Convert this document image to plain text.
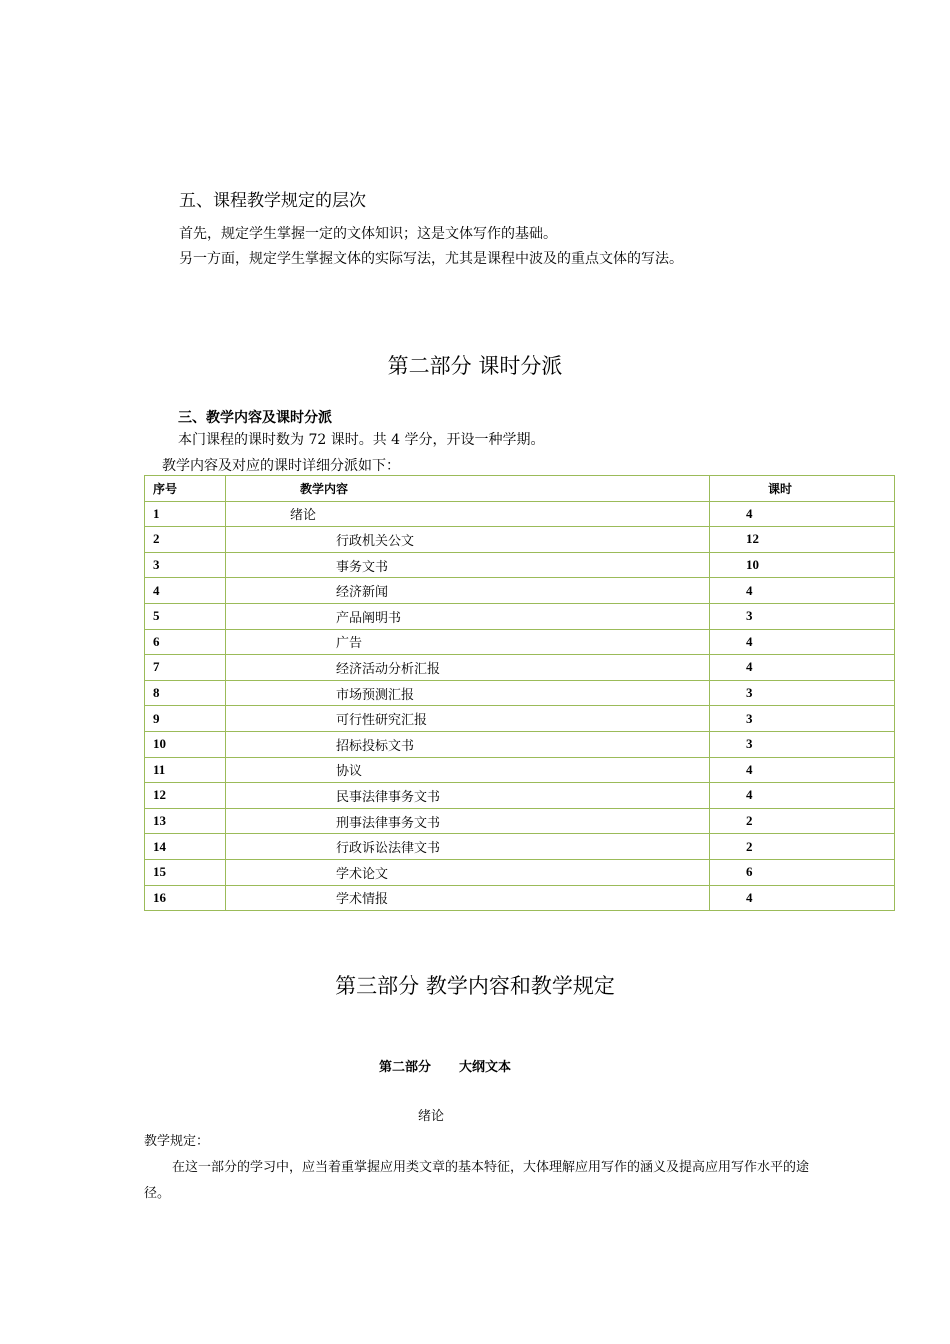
五、课程教学规定的层次
首先，规定学生掌握一定的文体知识；这是文体写作的基础。
另一方面，规定学生掌握文体的实际写法，尤其是课程中波及的重点文体的写法。
第二部分 课时分派
三、教学内容及课时分派
本门课程的课时数为 72 课时。共 4 学分，开设一种学期。
教学内容及对应的课时详细分派如下：
序号	教学内容	课时
1	绪论	4
2	行政机关公文	12
3	事务文书	10
4	经济新闻	4
5	产品阐明书	3
6	广告	4
7	经济活动分析汇报	4
8	市场预测汇报	3
9	可行性研究汇报	3
10	招标投标文书	3
11	协议	4
12	民事法律事务文书	4
13	刑事法律事务文书	2
14	行政诉讼法律文书	2
15	学术论文	6
16	学术情报	4
第三部分 教学内容和教学规定
第二部分 大纲文本
绪论
教学规定：
在这一部分的学习中，应当着重掌握应用类文章的基本特征，大体理解应用写作的涵义及提高应用写作水平的途径。
